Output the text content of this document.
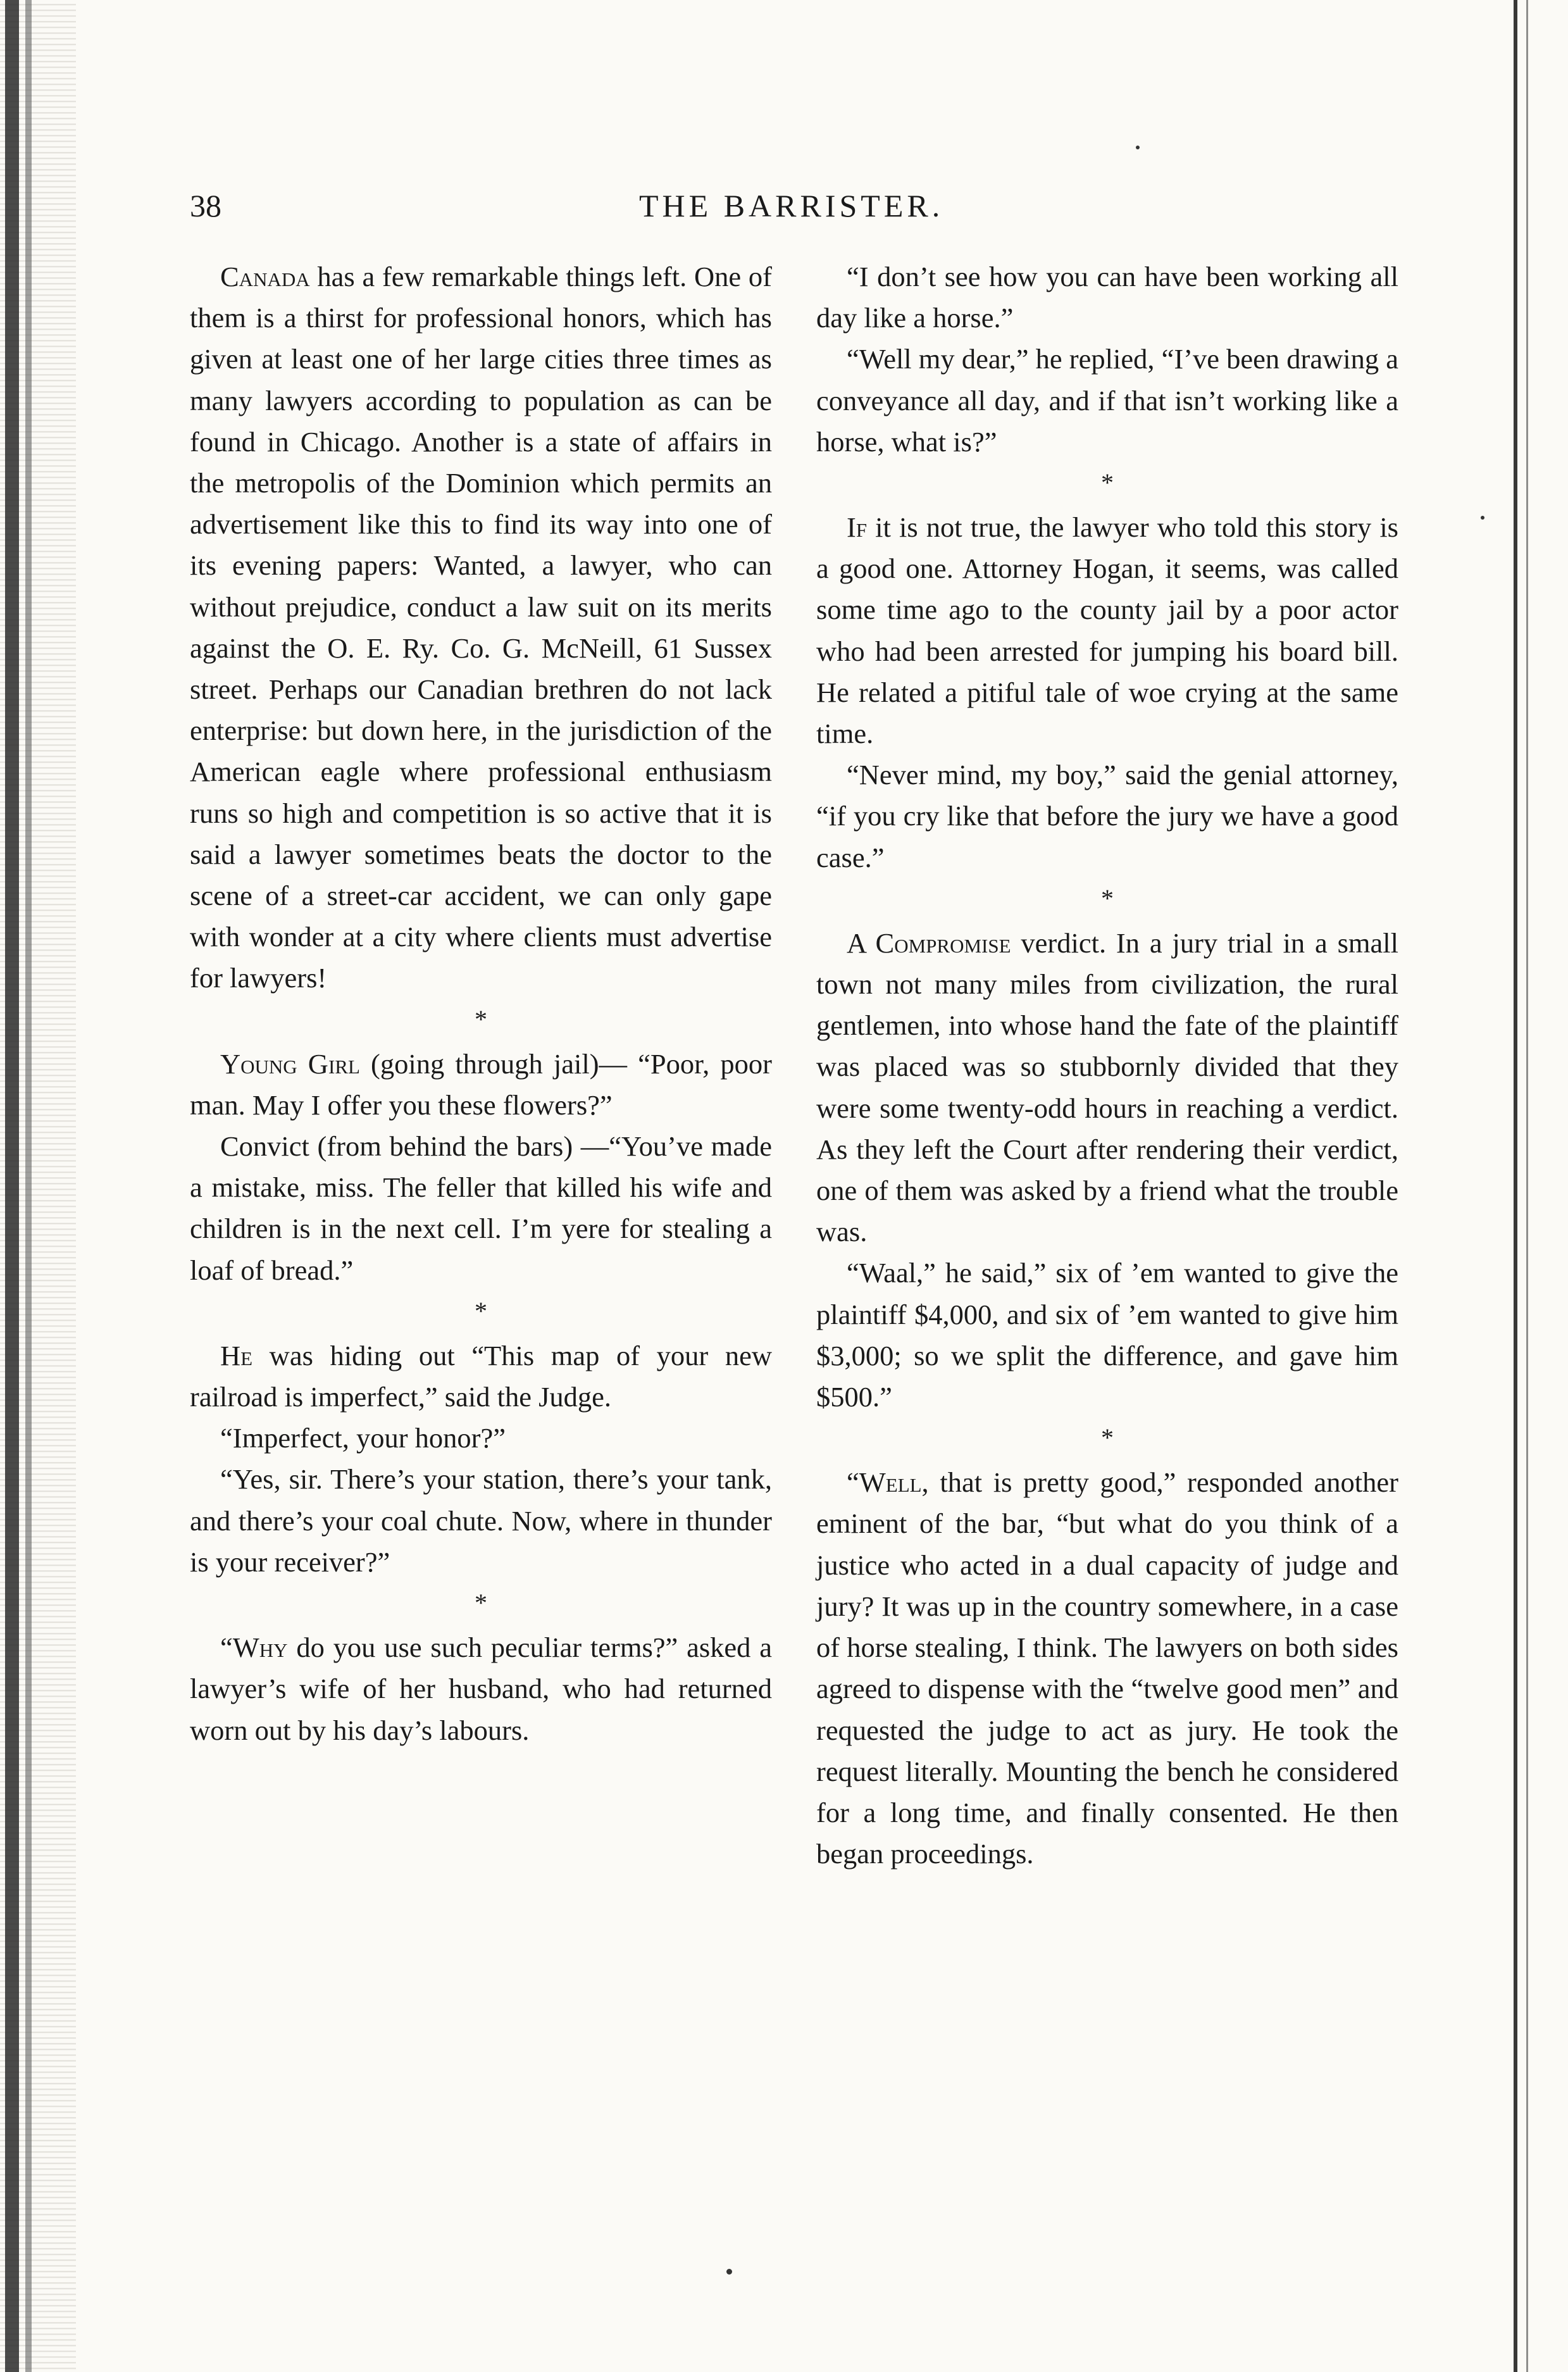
38	THE BARRISTER.

Canada has a few remarkable things left. One of them is a thirst for professional honors, which has given at least one of her large cities three times as many lawyers according to population as can be found in Chicago. Another is a state of affairs in the metropolis of the Dominion which permits an advertisement like this to find its way into one of its evening papers: Wanted, a lawyer, who can without prejudice, conduct a law suit on its merits against the O. E. Ry. Co. G. McNeill, 61 Sussex street. Perhaps our Canadian brethren do not lack enterprise: but down here, in the jurisdiction of the American eagle where professional enthusiasm runs so high and competition is so active that it is said a lawyer sometimes beats the doctor to the scene of a street-car accident, we can only gape with wonder at a city where clients must advertise for lawyers!

*

Young Girl (going through jail)— “Poor, poor man. May I offer you these flowers?”

Convict (from behind the bars) —“You’ve made a mistake, miss. The feller that killed his wife and children is in the next cell. I’m yere for stealing a loaf of bread.”

*

He was hiding out “This map of your new railroad is imperfect,” said the Judge.

“Imperfect, your honor?”

“Yes, sir. There’s your station, there’s your tank, and there’s your coal chute. Now, where in thunder is your receiver?”

*

“Why do you use such peculiar terms?” asked a lawyer’s wife of her husband, who had returned worn out by his day’s labours.

“I don’t see how you can have been working all day like a horse.”

“Well my dear,” he replied, “I’ve been drawing a conveyance all day, and if that isn’t working like a horse, what is?”

*

If it is not true, the lawyer who told this story is a good one. Attorney Hogan, it seems, was called some time ago to the county jail by a poor actor who had been arrested for jumping his board bill. He related a pitiful tale of woe crying at the same time.

“Never mind, my boy,” said the genial attorney, “if you cry like that before the jury we have a good case.”

*

A Compromise verdict. In a jury trial in a small town not many miles from civilization, the rural gentlemen, into whose hand the fate of the plaintiff was placed was so stubbornly divided that they were some twenty-odd hours in reaching a verdict. As they left the Court after rendering their verdict, one of them was asked by a friend what the trouble was.

“Waal,” he said,” six of ’em wanted to give the plaintiff $4,000, and six of ’em wanted to give him $3,000; so we split the difference, and gave him $500.”

*

“Well, that is pretty good,” responded another eminent of the bar, “but what do you think of a justice who acted in a dual capacity of judge and jury? It was up in the country somewhere, in a case of horse stealing, I think. The lawyers on both sides agreed to dispense with the “twelve good men” and requested the judge to act as jury. He took the request literally. Mounting the bench he considered for a long time, and finally consented. He then began proceedings.
